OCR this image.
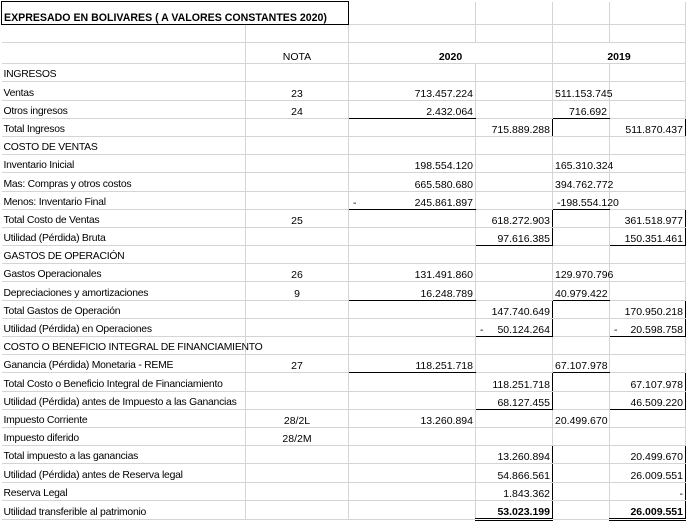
EXPRESADO EN BOLIVARES ( A VALORES CONSTANTES 2020)					

	NOTA	2020		2019	
INGRESOS					
Ventas	23	713.457.224		511.153.745	
Otros ingresos	24	2.432.064		716.692	
Total Ingresos			715.889.288		511.870.437
COSTO DE VENTAS					
Inventario Inicial		198.554.120		165.310.324	
Mas: Compras y otros costos		665.580.680		394.762.772	
Menos: Inventario Final		- 245.861.897		- 198.554.120	
Total Costo de Ventas	25		618.272.903		361.518.977
Utilidad (Pérdida) Bruta			97.616.385		150.351.461
GASTOS DE OPERACIÓN					
Gastos Operacionales	26	131.491.860		129.970.796	
Depreciaciones y amortizaciones	9	16.248.789		40.979.422	
Total Gastos de Operación			147.740.649		170.950.218
Utilidad (Pérdida) en Operaciones			- 50.124.264		- 20.598.758
COSTO O BENEFICIO INTEGRAL DE FINANCIAMIENTO					
Ganancia (Pérdida) Monetaria - REME	27	118.251.718		67.107.978	
Total Costo o Beneficio Integral de Financiamiento			118.251.718		67.107.978
Utilidad (Pérdida) antes de Impuesto a las Ganancias			68.127.455		46.509.220
Impuesto Corriente	28/2L	13.260.894		20.499.670	
Impuesto diferido	28/2M				
Total impuesto a las ganancias			13.260.894		20.499.670
Utilidad (Pérdida) antes de Reserva legal			54.866.561		26.009.551
Reserva Legal			1.843.362		-
Utilidad transferible al patrimonio			53.023.199		26.009.551
